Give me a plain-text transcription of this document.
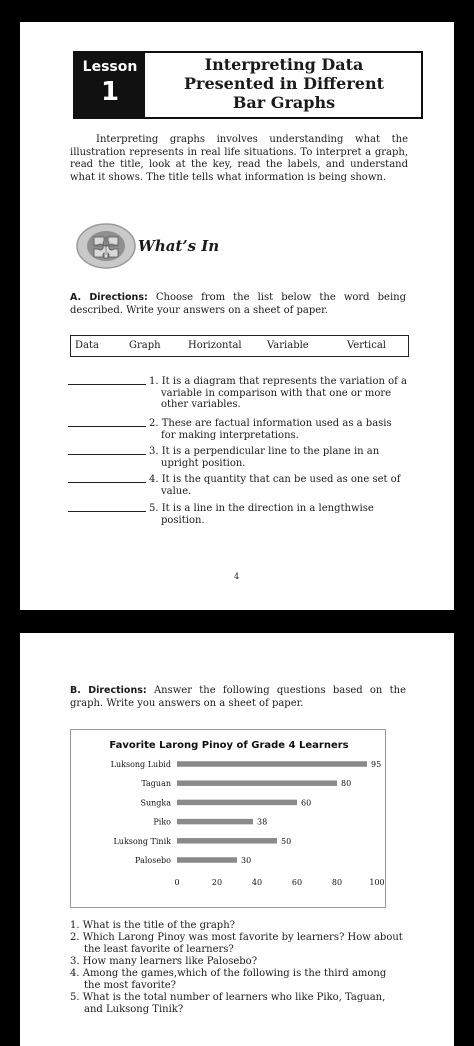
Lesson
1
Interpreting Data
Presented in Different
Bar Graphs
Interpreting graphs involves understanding what the illustration represents in real life situations. To interpret a graph, read the title, look at the key, read the labels, and understand what it shows. The title tells what information is being shown.
What’s In
A. Directions: Choose from the list below the word being described. Write your answers on a sheet of paper.
Data	Graph	Horizontal	Variable	Vertical
1. It is a diagram that represents the variation of a
variable in comparison with that one or more
other variables.
2. These are factual information used as a basis
for making interpretations.
3. It is a perpendicular line to the plane in an
upright position.
4. It is the quantity that can be used as one set of
value.
5. It is a line in the direction in a lengthwise
position.
4
B. Directions: Answer the following questions based on the graph. Write you answers on a sheet of paper.
Favorite Larong Pinoy of Grade 4 Learners
Luksong Lubid	95
Taguan	80
Sungka	60
Piko	38
Luksong Tinik	50
Palosebo	30
0	20	40	60	80	100
1. What is the title of the graph?
2. Which Larong Pinoy was most favorite by learners? How about
the least favorite of learners?
3. How many learners like Palosebo?
4. Among the games,which of the following is the third among
the most favorite?
5. What is the total number of learners who like Piko, Taguan,
and Luksong Tinik?
